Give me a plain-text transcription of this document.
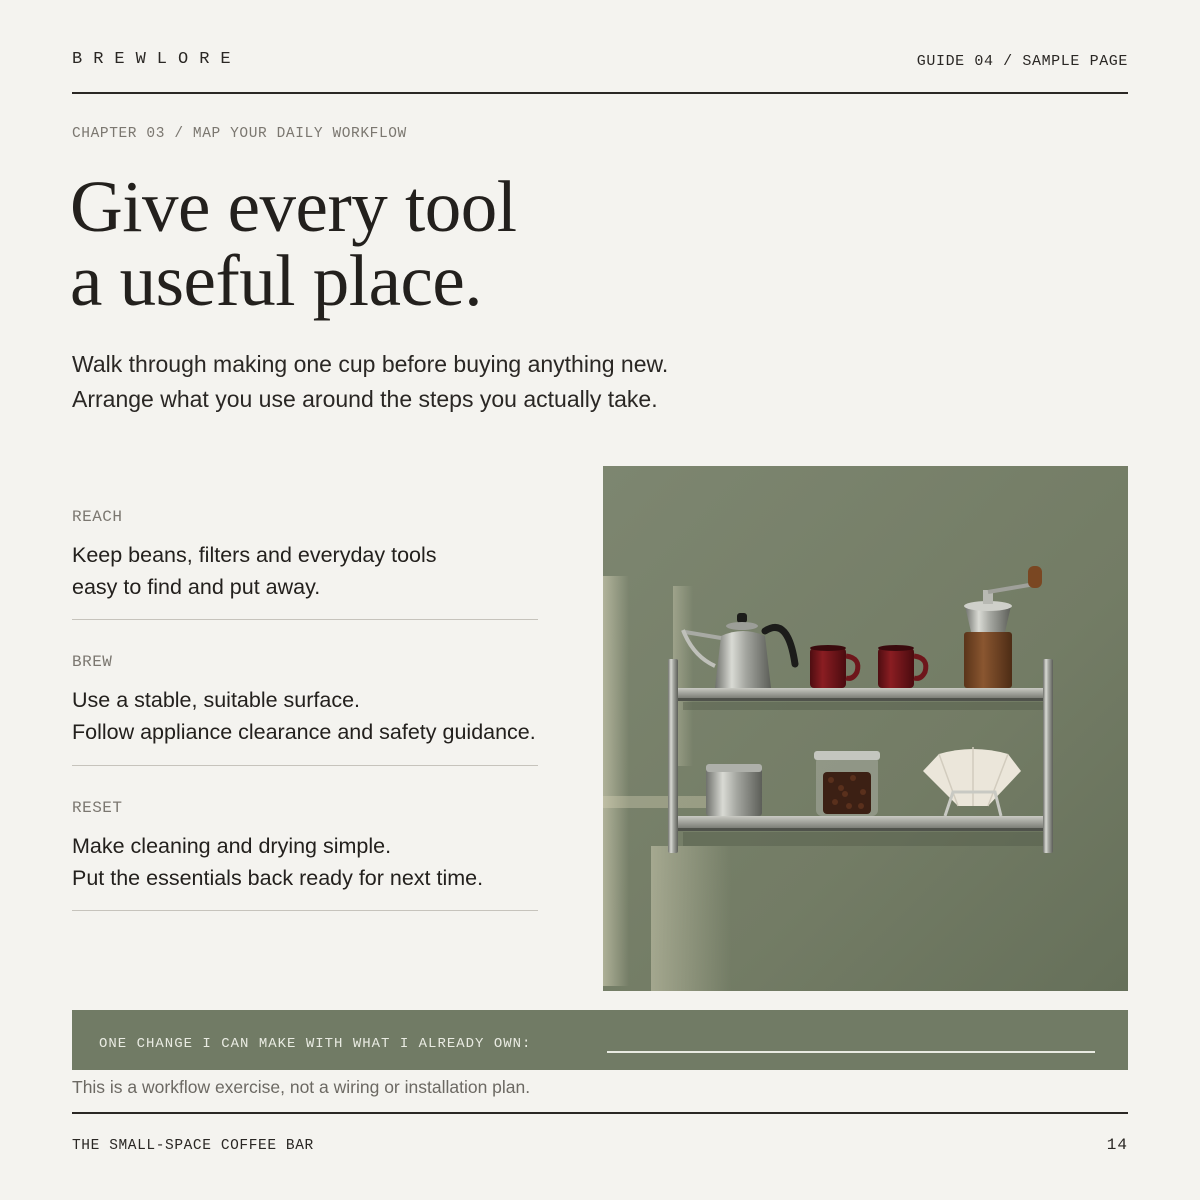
BREWLORE	GUIDE 04 / SAMPLE PAGE
CHAPTER 03 / MAP YOUR DAILY WORKFLOW
Give every tool
a useful place.

Walk through making one cup before buying anything new.
Arrange what you use around the steps you actually take.

REACH
Keep beans, filters and everyday tools
easy to find and put away.
BREW
Use a stable, suitable surface.
Follow appliance clearance and safety guidance.
RESET
Make cleaning and drying simple.
Put the essentials back ready for next time.
ONE CHANGE I CAN MAKE WITH WHAT I ALREADY OWN:
This is a workflow exercise, not a wiring or installation plan.
THE SMALL-SPACE COFFEE BAR	14
